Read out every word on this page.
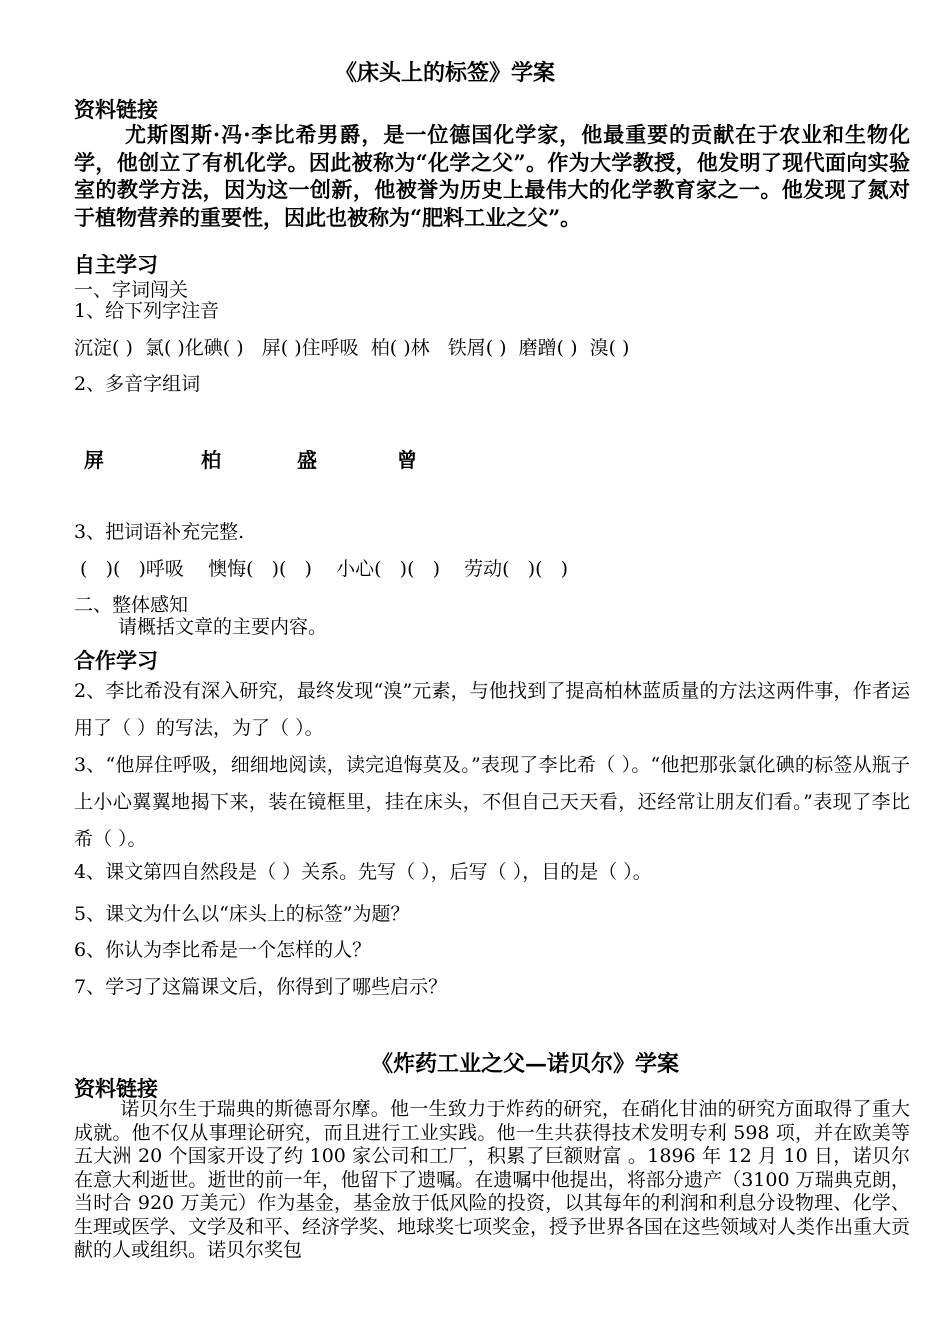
《床头上的标签》学案
资料链接
尤斯图斯·冯·李比希男爵，是一位德国化学家，他最重要的贡献在于农业和生物化学，他创立了有机化学。因此被称为“化学之父”。作为大学教授，他发明了现代面向实验室的教学方法，因为这一创新，他被誉为历史上最伟大的化学教育家之一。他发现了氮对于植物营养的重要性，因此也被称为“肥料工业之父”。
自主学习
一、字词闯关
1、给下列字注音
沉淀( )  氯( )化碘( )   屏( )住呼吸  柏( )林   铁屑( )  磨蹭( )  溴( )
2、多音字组词
屏	柏	盛	曾
3、把词语补充完整.
(   )(   )呼吸    懊悔(   )(   )    小心(   )(   )    劳动(   )(   )
二、整体感知
请概括文章的主要内容。
合作学习
2、李比希没有深入研究，最终发现“溴”元素，与他找到了提高柏林蓝质量的方法这两件事，作者运用了（ ）的写法，为了（ ）。
3、“他屏住呼吸，细细地阅读，读完追悔莫及。”表现了李比希（ ）。“他把那张氯化碘的标签从瓶子上小心翼翼地揭下来，装在镜框里，挂在床头，不但自己天天看，还经常让朋友们看。”表现了李比希（ ）。
4、课文第四自然段是（ ）关系。先写（ ），后写（ ），目的是（ ）。
5、课文为什么以“床头上的标签”为题？
6、你认为李比希是一个怎样的人？
7、学习了这篇课文后，你得到了哪些启示？
《炸药工业之父—诺贝尔》学案
资料链接
诺贝尔生于瑞典的斯德哥尔摩。他一生致力于炸药的研究，在硝化甘油的研究方面取得了重大成就。他不仅从事理论研究，而且进行工业实践。他一生共获得技术发明专利 598 项，并在欧美等五大洲 20 个国家开设了约 100 家公司和工厂，积累了巨额财富 。1896 年 12 月 10 日，诺贝尔在意大利逝世。逝世的前一年，他留下了遗嘱。在遗嘱中他提出，将部分遗产（3100 万瑞典克朗，当时合 920 万美元）作为基金，基金放于低风险的投资，以其每年的利润和利息分设物理、化学、生理或医学、文学及和平、经济学奖、地球奖七项奖金，授予世界各国在这些领域对人类作出重大贡献的人或组织。诺贝尔奖包
